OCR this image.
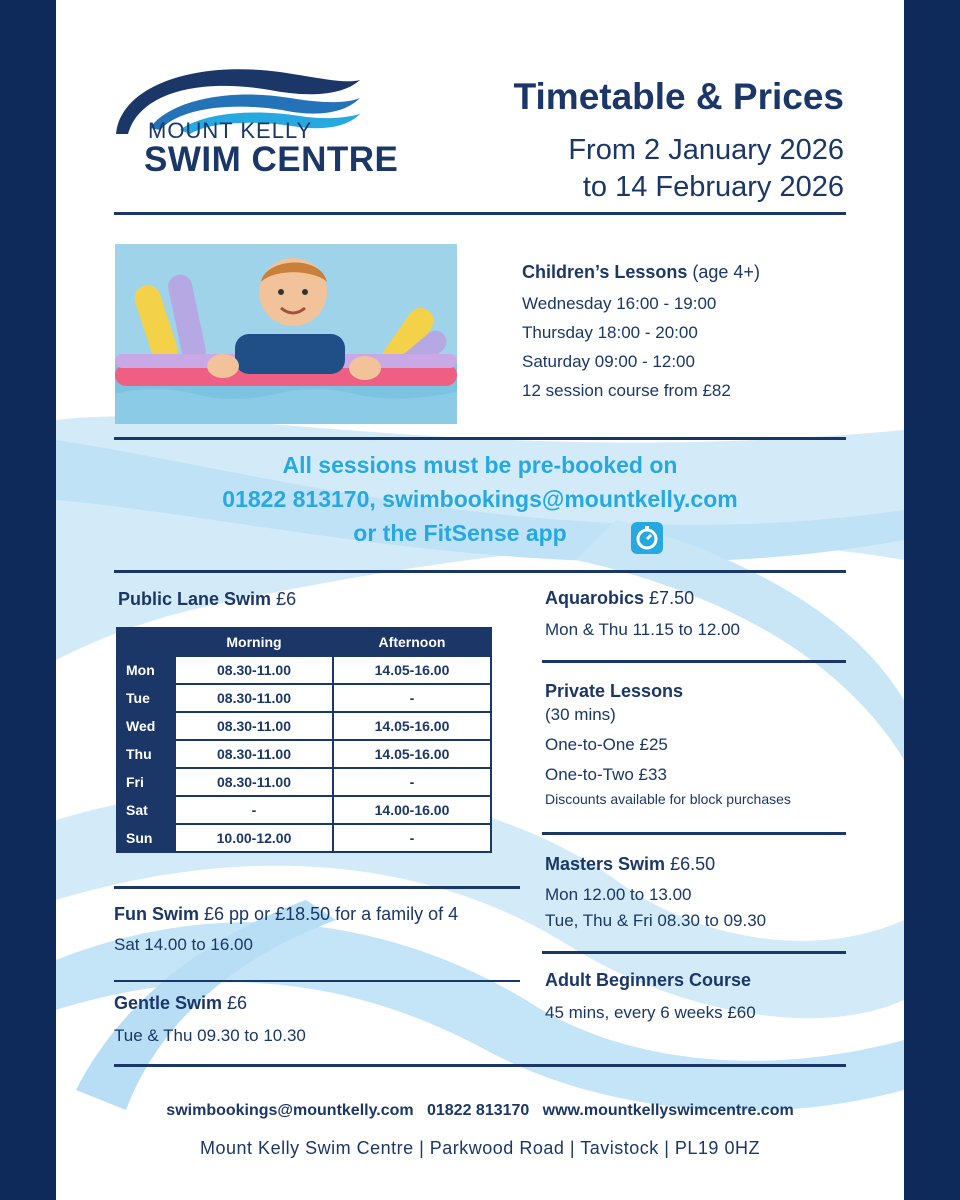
MOUNT KELLY
SWIM CENTRE
Timetable & Prices
From 2 January 2026
to 14 February 2026
Children’s Lessons (age 4+)
Wednesday 16:00 - 19:00
Thursday 18:00 - 20:00
Saturday 09:00 - 12:00
12 session course from £82
All sessions must be pre-booked on
01822 813170, swimbookings@mountkelly.com
or the FitSense app
Public Lane Swim £6
	Morning	Afternoon
Mon	08.30-11.00	14.05-16.00
Tue	08.30-11.00	-
Wed	08.30-11.00	14.05-16.00
Thu	08.30-11.00	14.05-16.00
Fri	08.30-11.00	-
Sat	-	14.00-16.00
Sun	10.00-12.00	-
Fun Swim £6 pp or £18.50 for a family of 4
Sat 14.00 to 16.00
Gentle Swim £6
Tue & Thu 09.30 to 10.30
Aquarobics £7.50
Mon & Thu 11.15 to 12.00
Private Lessons
(30 mins)
One-to-One £25
One-to-Two £33
Discounts available for block purchases
Masters Swim £6.50
Mon 12.00 to 13.00
Tue, Thu & Fri 08.30 to 09.30
Adult Beginners Course
45 mins, every 6 weeks £60
swimbookings@mountkelly.com 01822 813170 www.mountkellyswimcentre.com
Mount Kelly Swim Centre | Parkwood Road | Tavistock | PL19 0HZ
